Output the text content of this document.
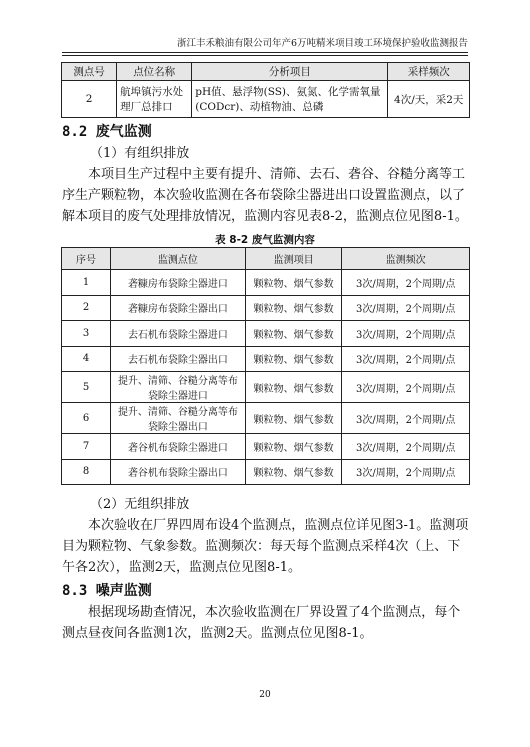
浙江丰禾粮油有限公司年产6万吨精米项目竣工环境保护验收监测报告
测点号	点位名称	分析项目	采样频次
2	航埠镇污水处理厂总排口	pH值、悬浮物(SS)、氨氮、化学需氧量(CODcr)、动植物油、总磷	4次/天，采2天
8.2 废气监测
（1）有组织排放
本项目生产过程中主要有提升、清筛、去石、砻谷、谷糙分离等工序生产颗粒物，本次验收监测在各布袋除尘器进出口设置监测点，以了解本项目的废气处理排放情况，监测内容见表8-2，监测点位见图8-1。
表 8-2 废气监测内容
序号	监测点位	监测项目	监测频次
1	砻糠房布袋除尘器进口	颗粒物、烟气参数	3次/周期，2个周期/点
2	砻糠房布袋除尘器出口	颗粒物、烟气参数	3次/周期，2个周期/点
3	去石机布袋除尘器进口	颗粒物、烟气参数	3次/周期，2个周期/点
4	去石机布袋除尘器出口	颗粒物、烟气参数	3次/周期，2个周期/点
5	提升、清筛、谷糙分离等布袋除尘器进口	颗粒物、烟气参数	3次/周期，2个周期/点
6	提升、清筛、谷糙分离等布袋除尘器出口	颗粒物、烟气参数	3次/周期，2个周期/点
7	砻谷机布袋除尘器进口	颗粒物、烟气参数	3次/周期，2个周期/点
8	砻谷机布袋除尘器出口	颗粒物、烟气参数	3次/周期，2个周期/点
（2）无组织排放
本次验收在厂界四周布设4个监测点，监测点位详见图3-1。监测项目为颗粒物、气象参数。监测频次：每天每个监测点采样4次（上、下午各2次），监测2天，监测点位见图8-1。
8.3 噪声监测
根据现场勘查情况，本次验收监测在厂界设置了4个监测点，每个测点昼夜间各监测1次，监测2天。监测点位见图8-1。
20
